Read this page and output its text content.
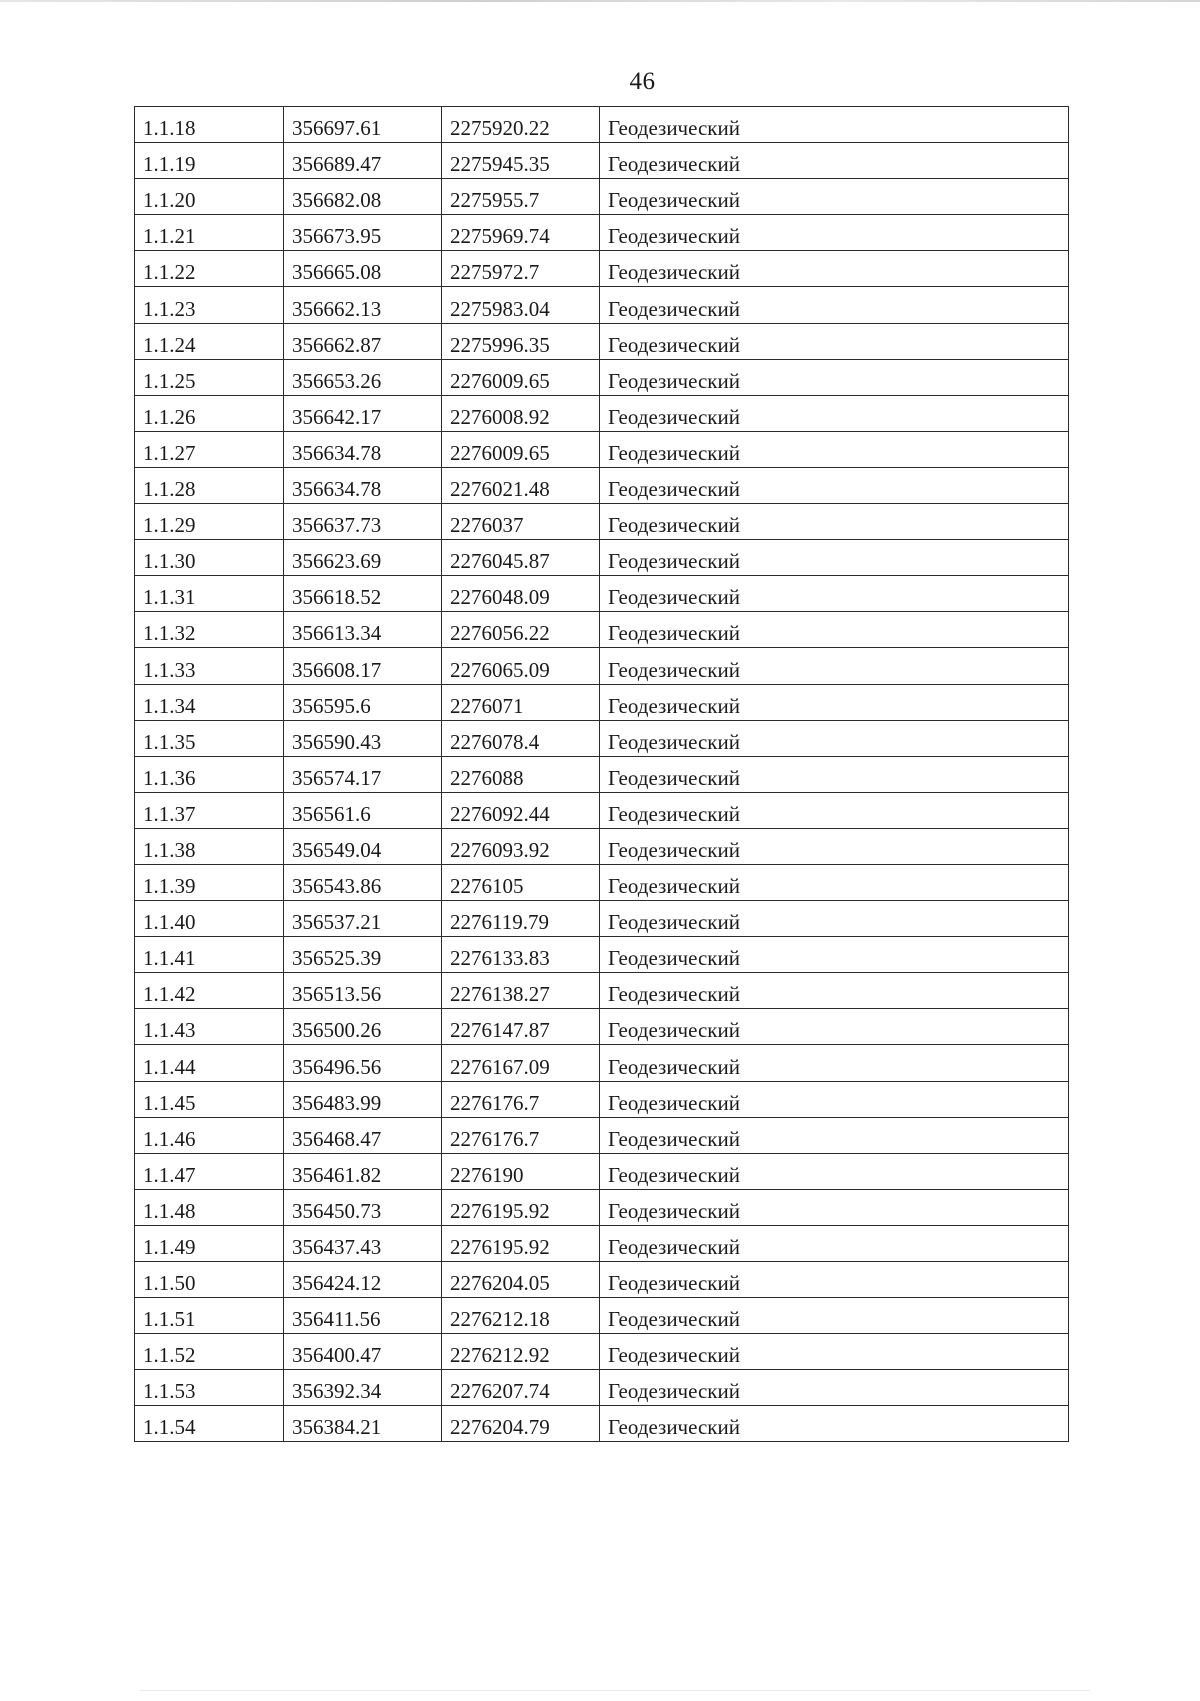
46
1.1.18	356697.61	2275920.22	Геодезический
1.1.19	356689.47	2275945.35	Геодезический
1.1.20	356682.08	2275955.7	Геодезический
1.1.21	356673.95	2275969.74	Геодезический
1.1.22	356665.08	2275972.7	Геодезический
1.1.23	356662.13	2275983.04	Геодезический
1.1.24	356662.87	2275996.35	Геодезический
1.1.25	356653.26	2276009.65	Геодезический
1.1.26	356642.17	2276008.92	Геодезический
1.1.27	356634.78	2276009.65	Геодезический
1.1.28	356634.78	2276021.48	Геодезический
1.1.29	356637.73	2276037	Геодезический
1.1.30	356623.69	2276045.87	Геодезический
1.1.31	356618.52	2276048.09	Геодезический
1.1.32	356613.34	2276056.22	Геодезический
1.1.33	356608.17	2276065.09	Геодезический
1.1.34	356595.6	2276071	Геодезический
1.1.35	356590.43	2276078.4	Геодезический
1.1.36	356574.17	2276088	Геодезический
1.1.37	356561.6	2276092.44	Геодезический
1.1.38	356549.04	2276093.92	Геодезический
1.1.39	356543.86	2276105	Геодезический
1.1.40	356537.21	2276119.79	Геодезический
1.1.41	356525.39	2276133.83	Геодезический
1.1.42	356513.56	2276138.27	Геодезический
1.1.43	356500.26	2276147.87	Геодезический
1.1.44	356496.56	2276167.09	Геодезический
1.1.45	356483.99	2276176.7	Геодезический
1.1.46	356468.47	2276176.7	Геодезический
1.1.47	356461.82	2276190	Геодезический
1.1.48	356450.73	2276195.92	Геодезический
1.1.49	356437.43	2276195.92	Геодезический
1.1.50	356424.12	2276204.05	Геодезический
1.1.51	356411.56	2276212.18	Геодезический
1.1.52	356400.47	2276212.92	Геодезический
1.1.53	356392.34	2276207.74	Геодезический
1.1.54	356384.21	2276204.79	Геодезический
